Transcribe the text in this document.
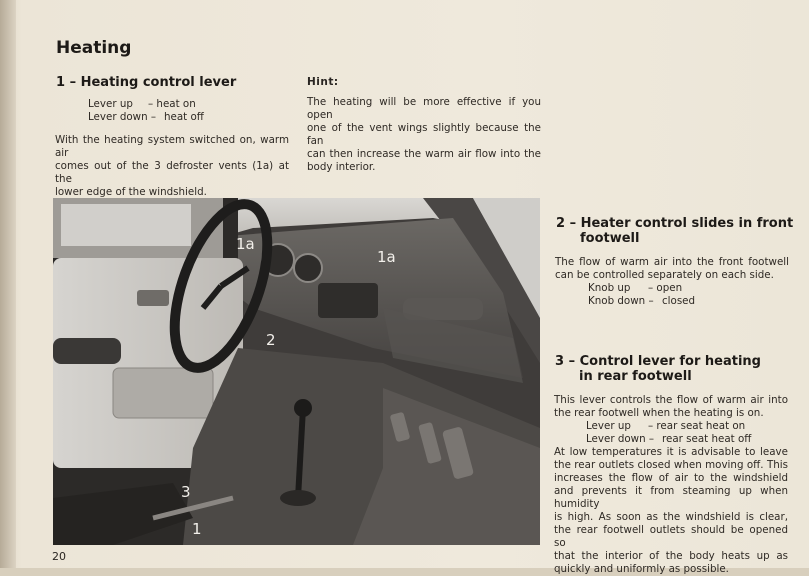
Heating
1 – Heating control lever
Lever up – heat on
Lever down – heat off
With the heating system switched on, warm air
comes out of the 3 defroster vents (1a) at the
lower edge of the windshield.
Hint:
The heating will be more effective if you open
one of the vent wings slightly because the fan
can then increase the warm air flow into the
body interior.
1a
1a
2
3
1
2 – Heater control slides in front
footwell
The flow of warm air into the front footwell
can be controlled separately on each side.
Knob up – open
Knob down – closed
3 – Control lever for heating
in rear footwell
This lever controls the flow of warm air into
the rear footwell when the heating is on.
Lever up – rear seat heat on
Lever down – rear seat heat off
At low temperatures it is advisable to leave
the rear outlets closed when moving off. This
increases the flow of air to the windshield
and prevents it from steaming up when humidity
is high. As soon as the windshield is clear,
the rear footwell outlets should be opened so
that the interior of the body heats up as
quickly and uniformly as possible.
20
